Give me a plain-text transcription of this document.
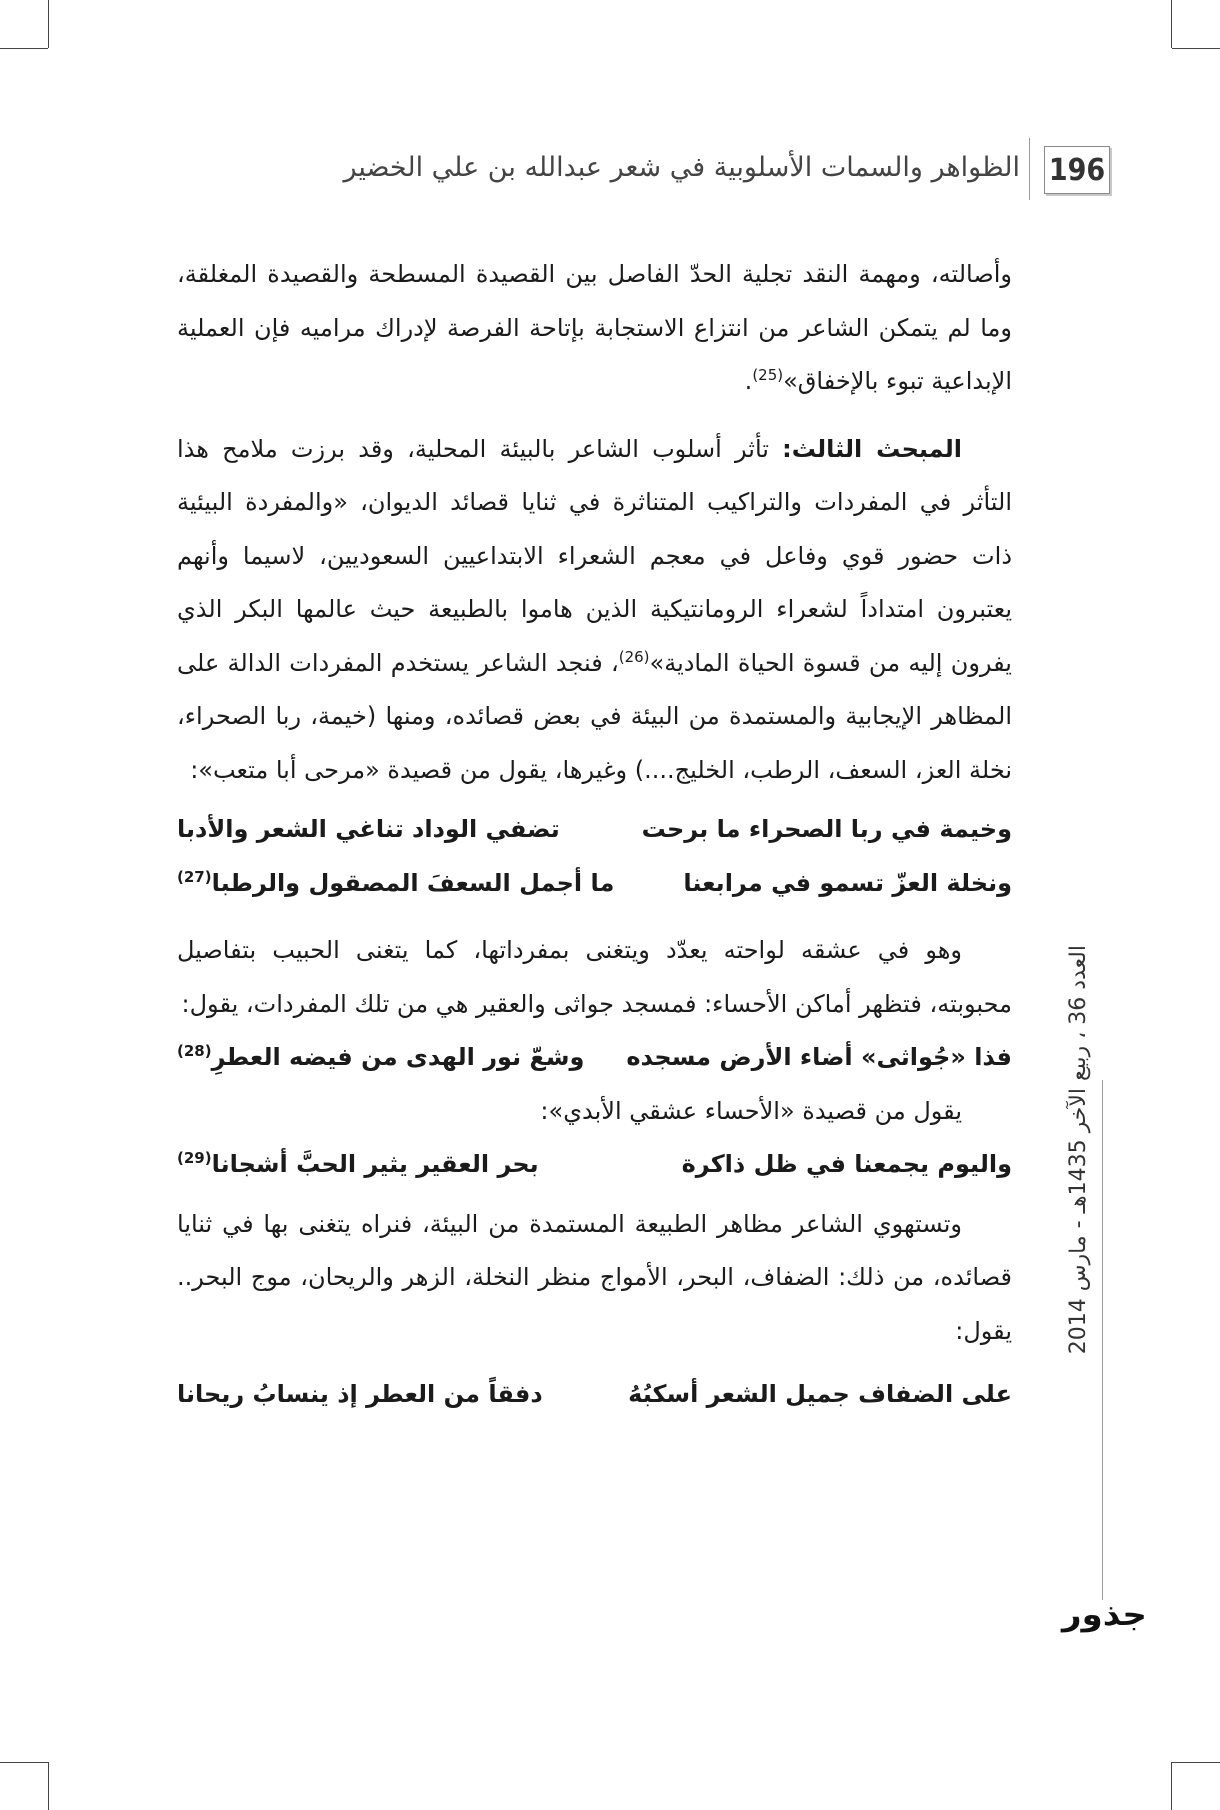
196
الظواهر والسمات الأسلوبية في شعر عبدالله بن علي الخضير

وأصالته، ومهمة النقد تجلية الحدّ الفاصل بين القصيدة المسطحة والقصيدة المغلقة، وما لم يتمكن الشاعر من انتزاع الاستجابة بإتاحة الفرصة لإدراك مراميه فإن العملية الإبداعية تبوء بالإخفاق»$^{(25)}$.

المبحث الثالث: تأثر أسلوب الشاعر بالبيئة المحلية، وقد برزت ملامح هذا التأثر في المفردات والتراكيب المتناثرة في ثنايا قصائد الديوان، «والمفردة البيئية ذات حضور قوي وفاعل في معجم الشعراء الابتداعيين السعوديين، لاسيما وأنهم يعتبرون امتداداً لشعراء الرومانتيكية الذين هاموا بالطبيعة حيث عالمها البكر الذي يفرون إليه من قسوة الحياة المادية»$^{(26)}$، فنجد الشاعر يستخدم المفردات الدالة على المظاهر الإيجابية والمستمدة من البيئة في بعض قصائده، ومنها (خيمة، ربا الصحراء، نخلة العز، السعف، الرطب، الخليج....) وغيرها، يقول من قصيدة «مرحى أبا متعب»:

وخيمة في ربا الصحراء ما برحت
تضفي الوداد تناغي الشعر والأدبا
ونخلة العزّ تسمو في مرابعنا
ما أجمل السعفَ المصقول والرطبا$^{(27)}$

وهو في عشقه لواحته يعدّد ويتغنى بمفرداتها، كما يتغنى الحبيب بتفاصيل محبوبته، فتظهر أماكن الأحساء: فمسجد جواثى والعقير هي من تلك المفردات، يقول:

فذا «جُواثى» أضاء الأرض مسجده
وشعّ نور الهدى من فيضه العطرِ$^{(28)}$

يقول من قصيدة «الأحساء عشقي الأبدي»:

واليوم يجمعنا في ظل ذاكرة
بحر العقير يثير الحبَّ أشجانا$^{(29)}$

وتستهوي الشاعر مظاهر الطبيعة المستمدة من البيئة، فنراه يتغنى بها في ثنايا قصائده، من ذلك: الضفاف، البحر، الأمواج منظر النخلة، الزهر والريحان، موج البحر.. يقول:

على الضفاف جميل الشعر أسكبُهُ
دفقاً من العطر إذ ينسابُ ريحانا
العدد 36 ، ربيع الآخر 1435هـ - مارس 2014
جذور
